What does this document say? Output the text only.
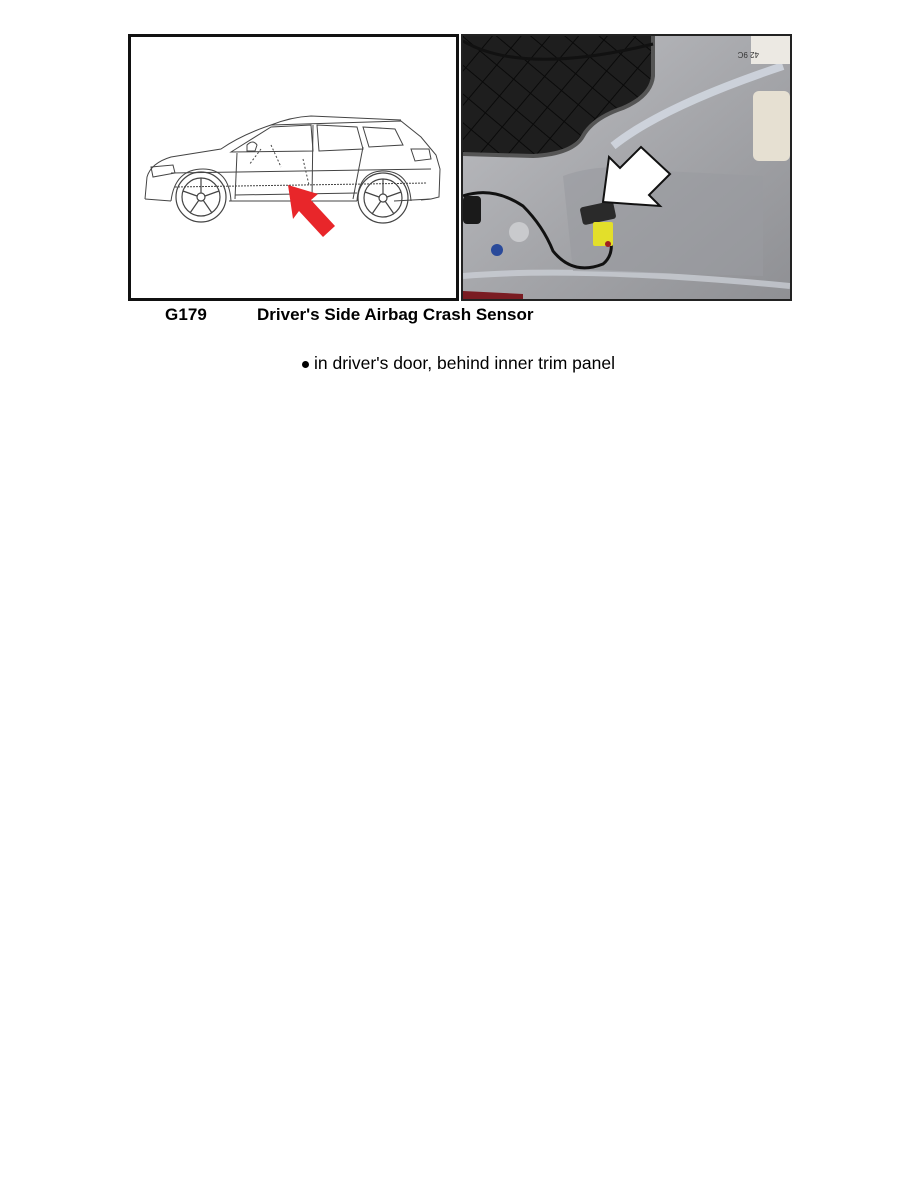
42 9C
G179	Driver's Side Airbag Crash Sensor
in driver's door, behind inner trim panel
